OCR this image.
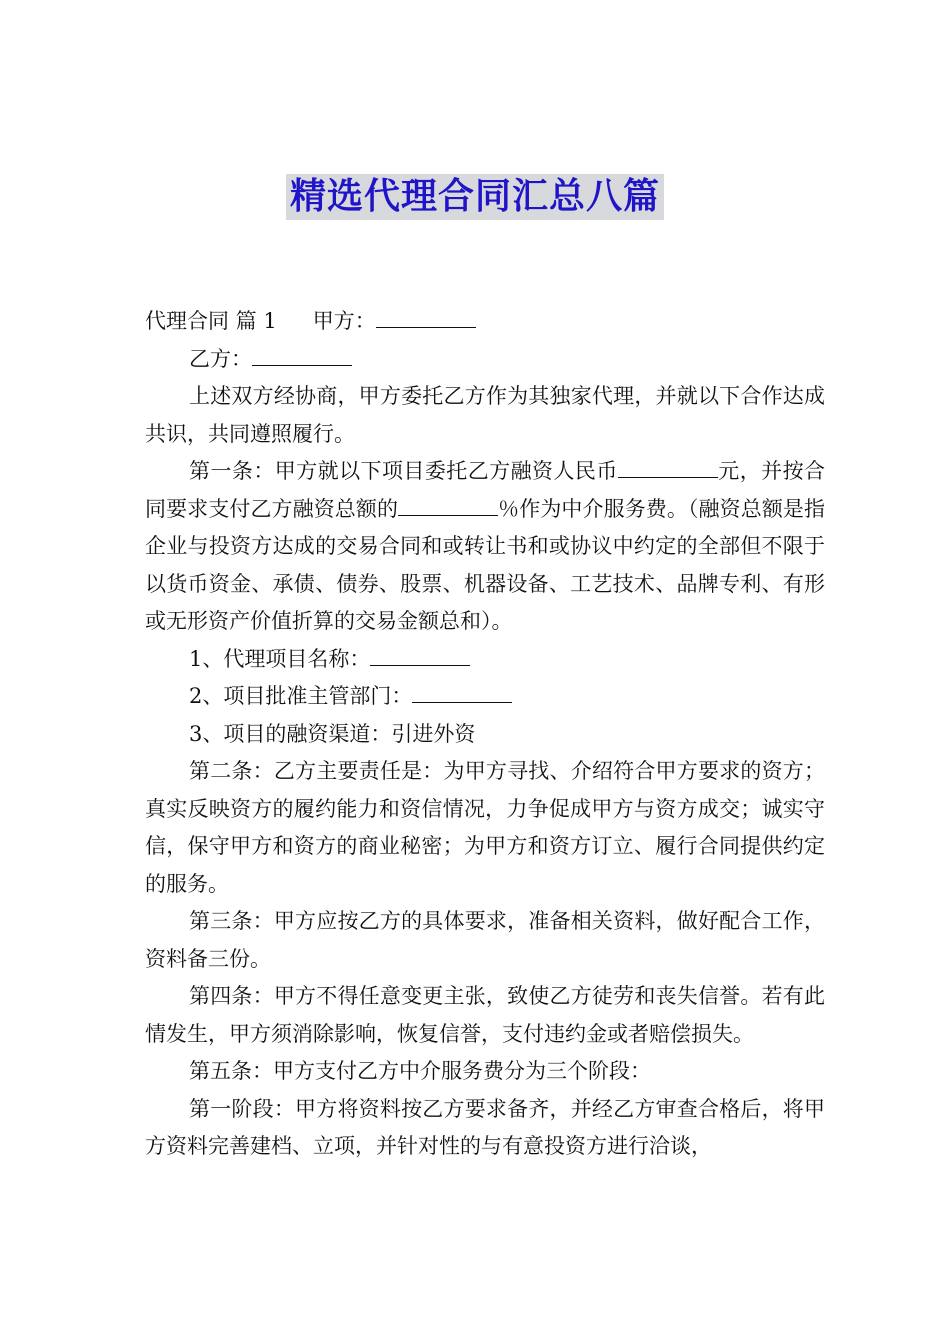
精选代理合同汇总八篇

代理合同 篇 1 甲方：

乙方：

上述双方经协商，甲方委托乙方作为其独家代理，并就以下合作达成共识，共同遵照履行。

第一条：甲方就以下项目委托乙方融资人民币	元，并按合同要求支付乙方融资总额的	％作为中介服务费。（融资总额是指企业与投资方达成的交易合同和或转让书和或协议中约定的全部但不限于以货币资金、承债、债券、股票、机器设备、工艺技术、品牌专利、有形或无形资产价值折算的交易金额总和）。

1、代理项目名称：

2、项目批准主管部门：

3、项目的融资渠道：引进外资

第二条：乙方主要责任是：为甲方寻找、介绍符合甲方要求的资方；真实反映资方的履约能力和资信情况，力争促成甲方与资方成交；诚实守信，保守甲方和资方的商业秘密；为甲方和资方订立、履行合同提供约定的服务。

第三条：甲方应按乙方的具体要求，准备相关资料，做好配合工作，资料备三份。

第四条：甲方不得任意变更主张，致使乙方徒劳和丧失信誉。若有此情发生，甲方须消除影响，恢复信誉，支付违约金或者赔偿损失。

第五条：甲方支付乙方中介服务费分为三个阶段：

第一阶段：甲方将资料按乙方要求备齐，并经乙方审查合格后，将甲方资料完善建档、立项，并针对性的与有意投资方进行洽谈，
